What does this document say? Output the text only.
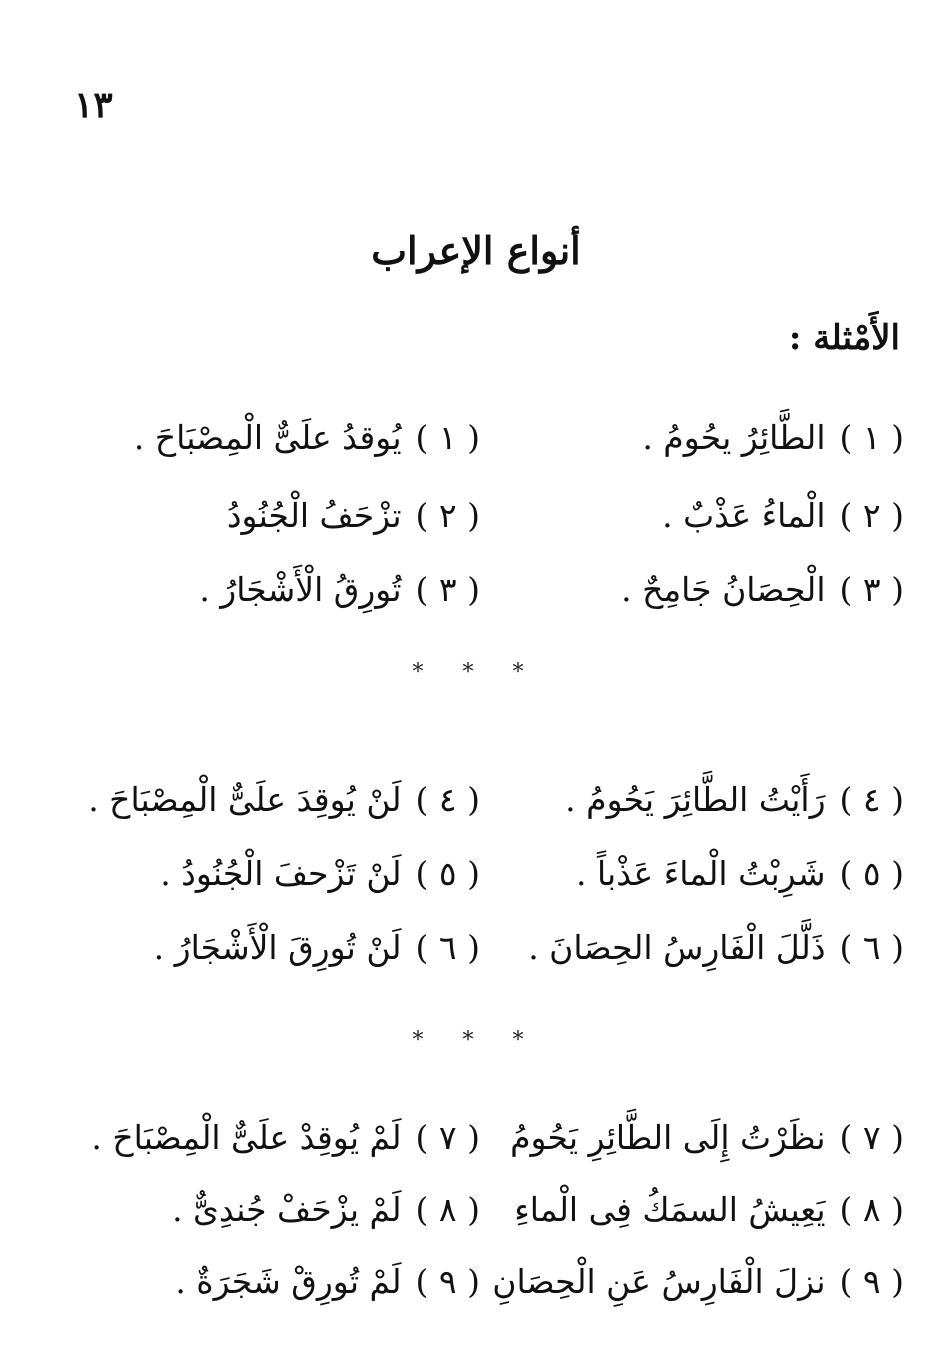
١٣
أنواع الإعراب
الأَمْثلة :
( ١ )الطَّائِرُ يحُومُ .
( ١ )يُوقدُ علَىٌّ الْمِصْبَاحَ .
( ٢ )الْماءُ عَذْبٌ .
( ٢ )تزْحَفُ الْجُنُودُ
( ٣ )الْحِصَانُ جَامِحٌ .
( ٣ )تُورِقُ الْأَشْجَارُ .
* * *
( ٤ )رَأَيْتُ الطَّائِرَ يَحُومُ .
( ٤ )لَنْ يُوقِدَ علَىٌّ الْمِصْبَاحَ .
( ٥ )شَرِبْتُ الْماءَ عَذْباً .
( ٥ )لَنْ تَزْحفَ الْجُنُودُ .
( ٦ )ذَلَّلَ الْفَارِسُ الحِصَانَ .
( ٦ )لَنْ تُورِقَ الْأَشْجَارُ .
* * *
( ٧ )نظَرْتُ إِلَى الطَّائِرِ يَحُومُ
( ٧ )لَمْ يُوقِدْ علَىٌّ الْمِصْبَاحَ .
( ٨ )يَعِيشُ السمَكُ فِى الْماءِ
( ٨ )لَمْ يزْحَفْ جُندِىٌّ .
( ٩ )نزلَ الْفَارِسُ عَنِ الْحِصَانِ
( ٩ )لَمْ تُورِقْ شَجَرَةٌ .
